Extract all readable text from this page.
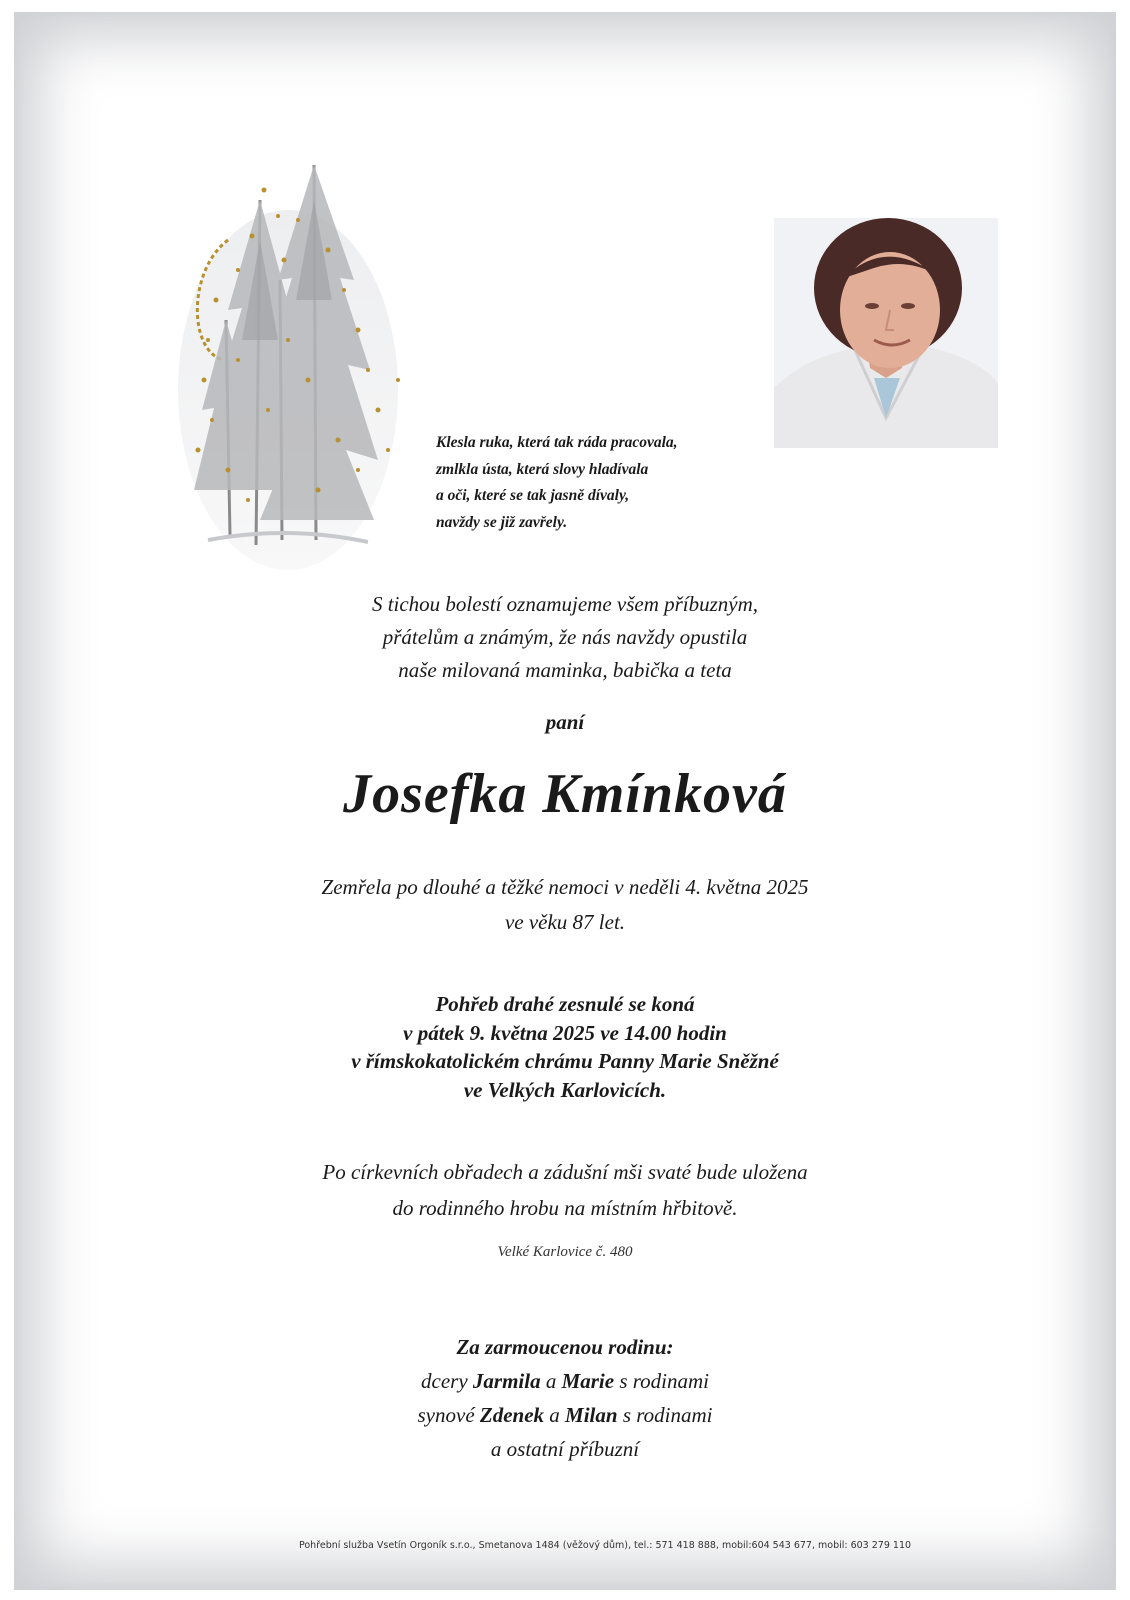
Klesla ruka, která tak ráda pracovala,
zmlkla ústa, která slovy hladívala
a oči, které se tak jasně dívaly,
navždy se již zavřely.
S tichou bolestí oznamujeme všem příbuzným,
přátelům a známým, že nás navždy opustila
naše milovaná maminka, babička a teta
paní
Josefka Kmínková
Zemřela po dlouhé a těžké nemoci v neděli 4. května 2025
ve věku 87 let.
Pohřeb drahé zesnulé se koná
v pátek 9. května 2025 ve 14.00 hodin
v římskokatolickém chrámu Panny Marie Sněžné
ve Velkých Karlovicích.
Po církevních obřadech a zádušní mši svaté bude uložena
do rodinného hrobu na místním hřbitově.
Velké Karlovice č. 480
Za zarmoucenou rodinu:
dcery Jarmila a Marie s rodinami
synové Zdenek a Milan s rodinami
a ostatní příbuzní
Pohřební služba Vsetín Orgoník s.r.o., Smetanova 1484 (věžový dům), tel.: 571 418 888, mobil:604 543 677, mobil: 603 279 110
